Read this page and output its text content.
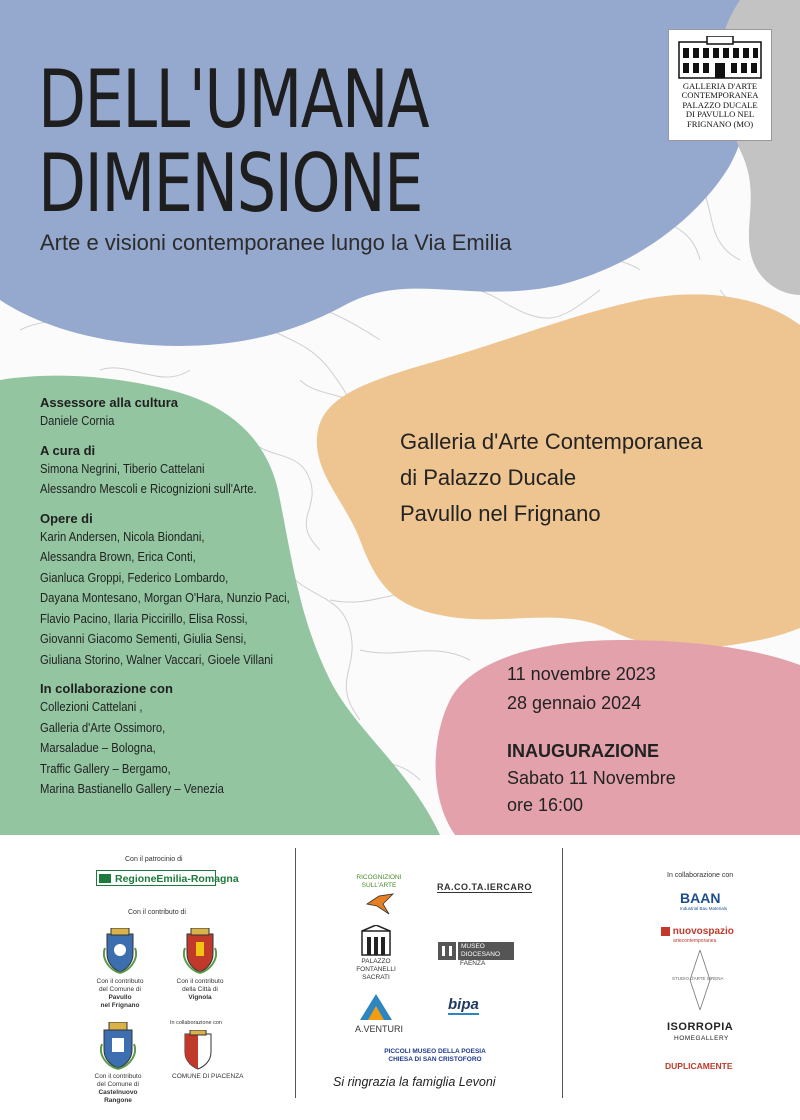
DELL'UMANA
DIMENSIONE
Arte e visioni contemporanee lungo la Via Emilia
GALLERIA D'ARTE
CONTEMPORANEA
PALAZZO DUCALE
DI PAVULLO NEL
FRIGNANO (MO)
Assessore alla cultura
Daniele Cornia
A cura di
Simona Negrini, Tiberio Cattelani
Alessandro Mescoli e Ricognizioni sull'Arte.
Opere di
Karin Andersen, Nicola Biondani,
Alessandra Brown, Erica Conti,
Gianluca Groppi, Federico Lombardo,
Dayana Montesano, Morgan O'Hara, Nunzio Paci,
Flavio Pacino, Ilaria Piccirillo, Elisa Rossi,
Giovanni Giacomo Sementi, Giulia Sensi,
Giuliana Storino, Walner Vaccari, Gioele Villani
In collaborazione con
Collezioni Cattelani ,
Galleria d'Arte Ossimoro,
Marsaladue – Bologna,
Traffic Gallery – Bergamo,
Marina Bastianello Gallery – Venezia
Galleria d'Arte Contemporanea
di Palazzo Ducale
Pavullo nel Frignano
11 novembre 2023
28 gennaio 2024
INAUGURAZIONE
Sabato 11 Novembre
ore 16:00
Con il patrocinio di
RegioneEmilia-Romagna
Con il contributo di
Con il contributo
del Comune di
Pavullo
nel Frignano
Con il contributo
della Città di
Vignola
Con il contributo
del Comune di
Castelnuovo
Rangone
In collaborazione con
COMUNE DI PIACENZA
RICOGNIZIONI
SULL'ARTE	RA.CO.TA.IERCARO
PALAZZO
FONTANELLI
SACRATI
MUSEO
DIOCESANO
FAENZA
A.VENTURI
bipa
PICCOLI MUSEO DELLA POESIA
CHIESA DI SAN CRISTOFORO
Si ringrazia la famiglia Levoni
In collaborazione con
BAAN
Industrial Bau Materials
nuovospazio
artecontemporanea
STUDIO d'ARTE SIRENA
ISORROPIA
HOMEGALLERY
DUPLICAMENTE
